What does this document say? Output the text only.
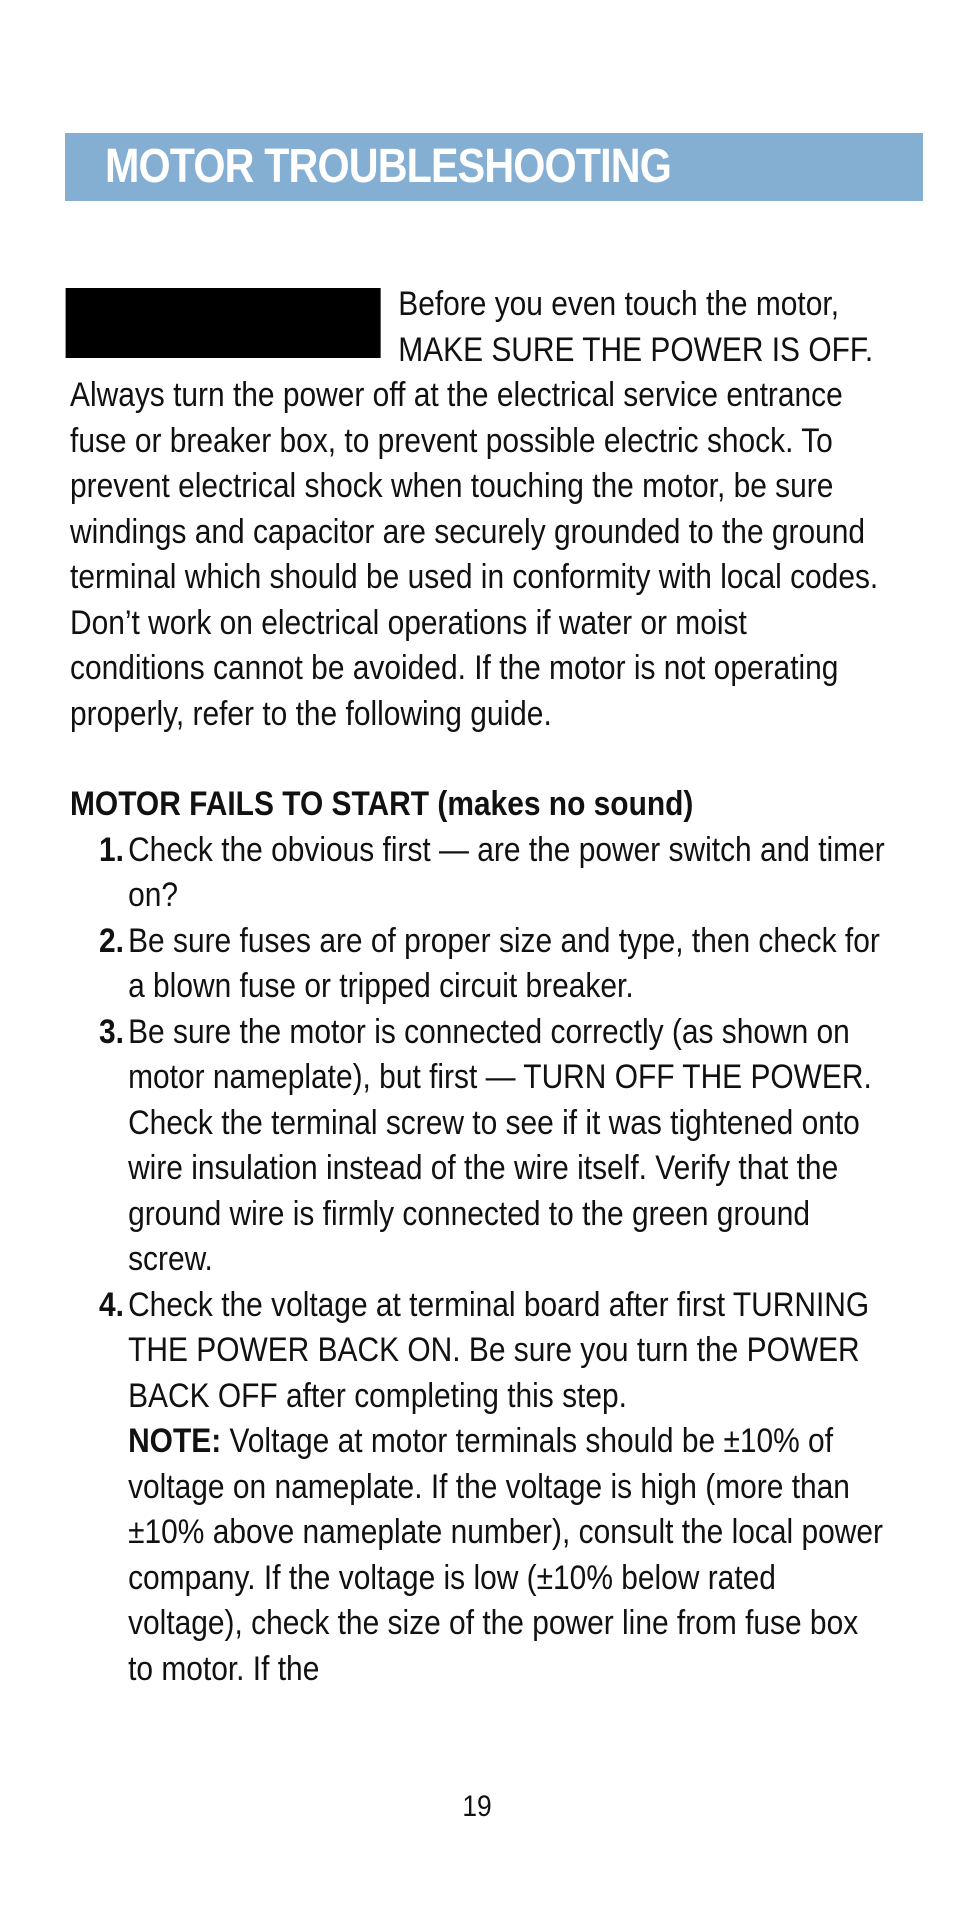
MOTOR TROUBLESHOOTING

Before you even touch the motor, MAKE SURE THE POWER IS OFF. Always turn the power off at the electrical service entrance fuse or breaker box, to prevent possible electric shock. To prevent electrical shock when touching the motor, be sure windings and capacitor are securely grounded to the ground terminal which should be used in conformity with local codes. Don’t work on electrical operations if water or moist conditions cannot be avoided. If the motor is not operating properly, refer to the following guide.

MOTOR FAILS TO START (makes no sound)
1. Check the obvious first — are the power switch and timer on?
2. Be sure fuses are of proper size and type, then check for a blown fuse or tripped circuit breaker.
3. Be sure the motor is connected correctly (as shown on motor nameplate), but first — TURN OFF THE POWER. Check the terminal screw to see if it was tightened onto wire insulation instead of the wire itself. Verify that the ground wire is firmly connected to the green ground screw.
4. Check the voltage at terminal board after first TURNING THE POWER BACK ON. Be sure you turn the POWER BACK OFF after completing this step.
NOTE: Voltage at motor terminals should be ±10% of voltage on nameplate. If the voltage is high (more than ±10% above nameplate number), consult the local power company. If the voltage is low (±10% below rated voltage), check the size of the power line from fuse box to motor. If the
19
